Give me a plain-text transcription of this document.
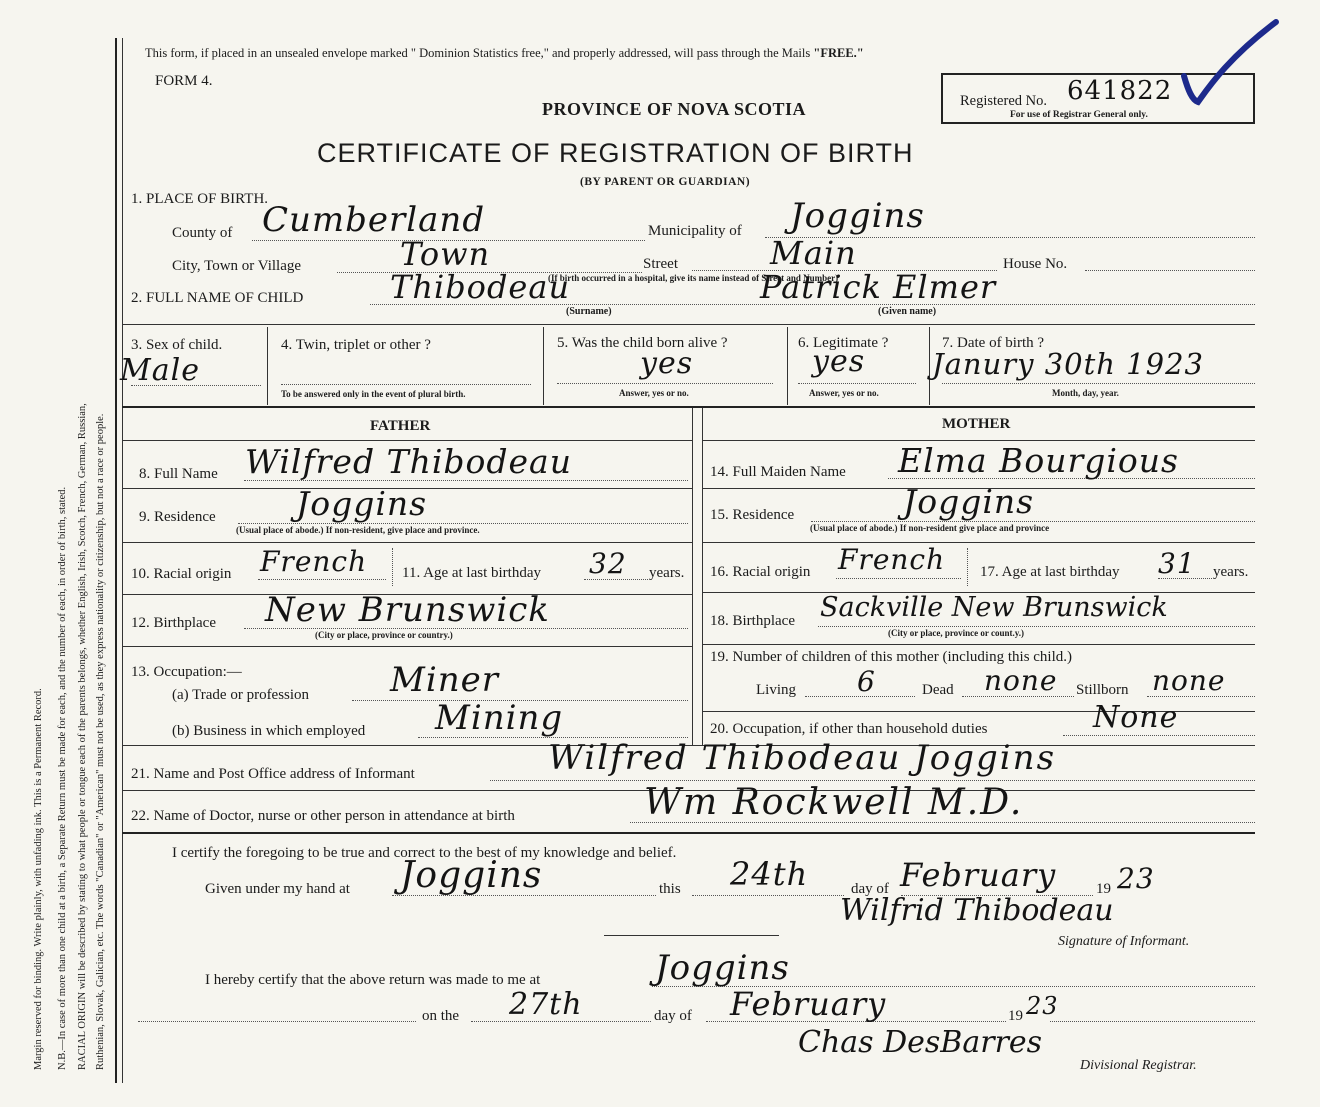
Margin reserved for binding. Write plainly, with unfading ink. This is a Permanent Record. N.B.—In case of more than one child at a birth, a Separate Return must be made for each, and the number of each, in order of birth, stated. RACIAL ORIGIN will be described by stating to what people or tongue each of the parents belongs, whether English, Irish, Scotch, French, German, Russian, Ruthenian, Slovak, Galician, etc. The words "Canadian" or "American" must not be used, as they express nationality or citizenship, but not a race or people.
This form, if placed in an unsealed envelope marked " Dominion Statistics free," and properly addressed, will pass through the Mails "FREE."
FORM 4.
PROVINCE OF NOVA SCOTIA
CERTIFICATE OF REGISTRATION OF BIRTH
(BY PARENT OR GUARDIAN)
Registered No. 641822
For use of Registrar General only.
1. PLACE OF BIRTH.
County of Cumberland	Municipality of Joggins
City, Town or Village	Town	Street	Main	House No.
(If birth occurred in a hospital, give its name instead of Street and Number)
2. FULL NAME OF CHILD	Thibodeau	Patrick Elmer
(Surname)	(Given name)
3. Sex of child.
Male
4. Twin, triplet or other ?
To be answered only in the event of plural birth.
5. Was the child born alive ?
yes
Answer, yes or no.
6. Legitimate ?
yes
Answer, yes or no.
7. Date of birth ?
Janury 30th 1923
Month, day, year.
FATHER	MOTHER
8. Full Name Wilfred Thibodeau
9. Residence Joggins
(Usual place of abode.) If non-resident, give place and province.
10. Racial origin French 11. Age at last birthday 32 years.
12. Birthplace New Brunswick
(City or place, province or country.)
13. Occupation:—
(a) Trade or profession Miner
(b) Business in which employed Mining
14. Full Maiden Name Elma Bourgious
15. Residence	Joggins
(Usual place of abode.) If non-resident give place and province
16. Racial origin French 17. Age at last birthday 31 years.
18. Birthplace Sackville New Brunswick
(City or place, province or count.y.)
19. Number of children of this mother (including this child.)
Living 6	Dead none Stillborn none
20. Occupation, if other than household duties	None
21. Name and Post Office address of Informant	Wilfred Thibodeau Joggins
22. Name of Doctor, nurse or other person in attendance at birth	Wm Rockwell M.D.
I certify the foregoing to be true and correct to the best of my knowledge and belief.
Given under my hand at Joggins	this 24th	day of February	19 23
Wilfrid Thibodeau
Signature of Informant.
I hereby certify that the above return was made to me at	Joggins
on the 27th	day of February	19 23
Chas DesBarres
Divisional Registrar.
